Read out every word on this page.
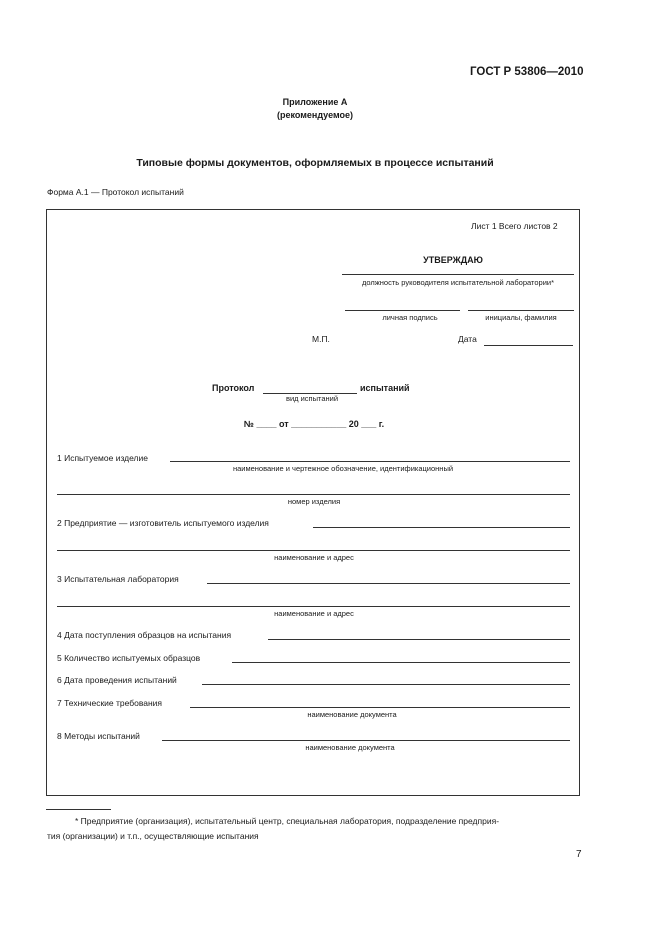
ГОСТ Р 53806—2010
Приложение А
(рекомендуемое)
Типовые формы документов, оформляемых в процессе испытаний
Форма А.1 — Протокол испытаний
Лист 1 Всего листов 2
УТВЕРЖДАЮ
должность руководителя испытательной лаборатории*
личная подпись	инициалы, фамилия
М.П.	Дата
Протокол	испытаний
вид испытаний
№ ____ от ___________ 20 ___ г.
1 Испытуемое изделие
наименование и чертежное обозначение, идентификационный
номер изделия
2 Предприятие — изготовитель испытуемого изделия
наименование и адрес
3 Испытательная лаборатория
наименование и адрес
4 Дата поступления образцов на испытания
5 Количество испытуемых образцов
6 Дата проведения испытаний
7 Технические требования
наименование документа
8 Методы испытаний
наименование документа
* Предприятие (организация), испытательный центр, специальная лаборатория, подразделение предприя-
тия (организации) и т.п., осуществляющие испытания
7
